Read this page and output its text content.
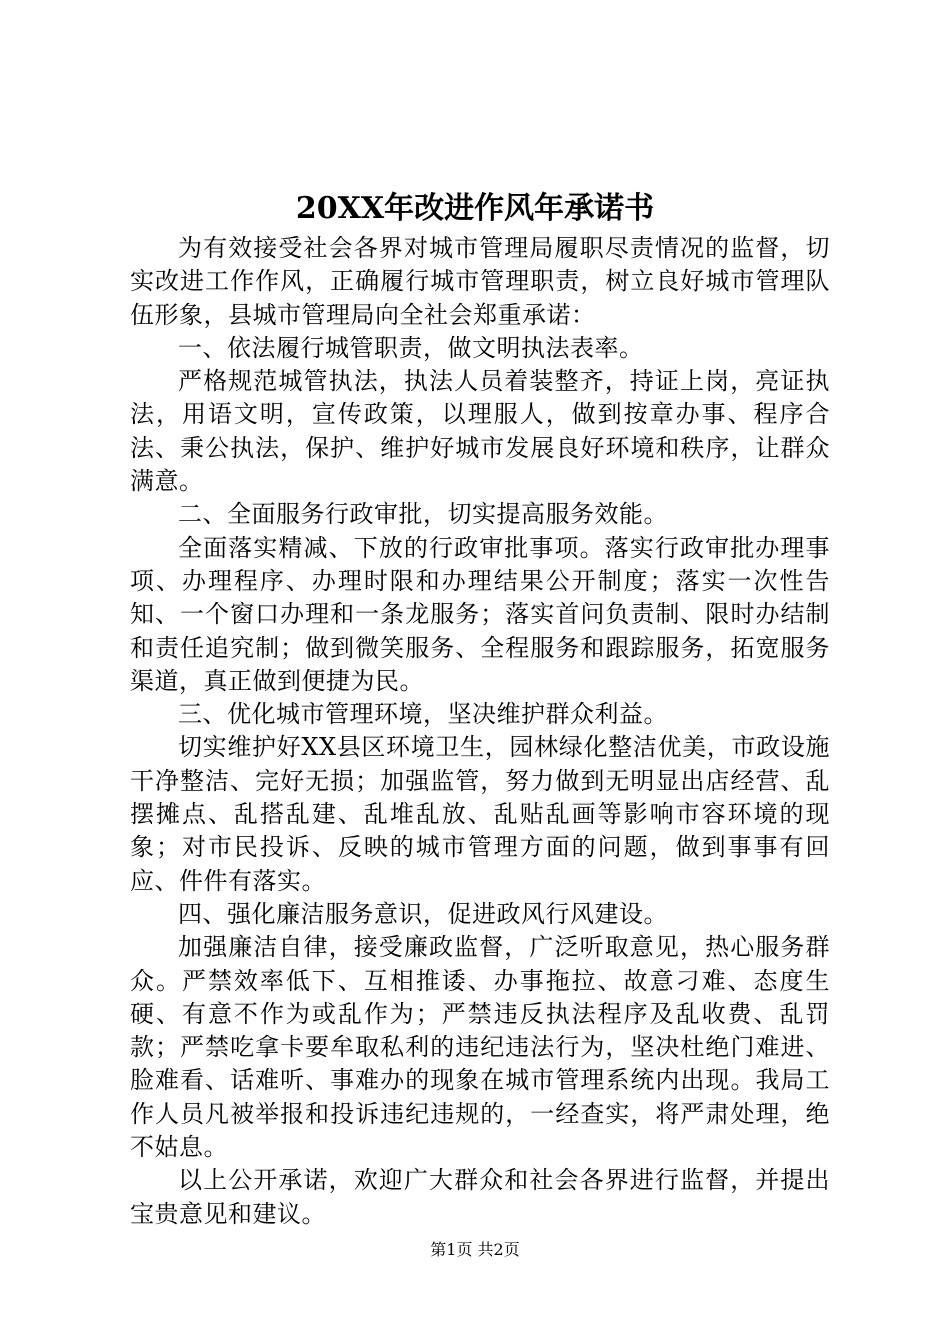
20XX年改进作风年承诺书

为有效接受社会各界对城市管理局履职尽责情况的监督，切实改进工作作风，正确履行城市管理职责，树立良好城市管理队伍形象，县城市管理局向全社会郑重承诺：

一、依法履行城管职责，做文明执法表率。

严格规范城管执法，执法人员着装整齐，持证上岗，亮证执法，用语文明，宣传政策，以理服人，做到按章办事、程序合法、秉公执法，保护、维护好城市发展良好环境和秩序，让群众满意。

二、全面服务行政审批，切实提高服务效能。

全面落实精减、下放的行政审批事项。落实行政审批办理事项、办理程序、办理时限和办理结果公开制度；落实一次性告知、一个窗口办理和一条龙服务；落实首问负责制、限时办结制和责任追究制；做到微笑服务、全程服务和跟踪服务，拓宽服务渠道，真正做到便捷为民。

三、优化城市管理环境，坚决维护群众利益。

切实维护好XX县区环境卫生，园林绿化整洁优美，市政设施干净整洁、完好无损；加强监管，努力做到无明显出店经营、乱摆摊点、乱搭乱建、乱堆乱放、乱贴乱画等影响市容环境的现象；对市民投诉、反映的城市管理方面的问题，做到事事有回应、件件有落实。

四、强化廉洁服务意识，促进政风行风建设。

加强廉洁自律，接受廉政监督，广泛听取意见，热心服务群众。严禁效率低下、互相推诿、办事拖拉、故意刁难、态度生硬、有意不作为或乱作为；严禁违反执法程序及乱收费、乱罚款；严禁吃拿卡要牟取私利的违纪违法行为，坚决杜绝门难进、脸难看、话难听、事难办的现象在城市管理系统内出现。我局工作人员凡被举报和投诉违纪违规的，一经查实，将严肃处理，绝不姑息。

以上公开承诺，欢迎广大群众和社会各界进行监督，并提出宝贵意见和建议。

第1页 共2页
